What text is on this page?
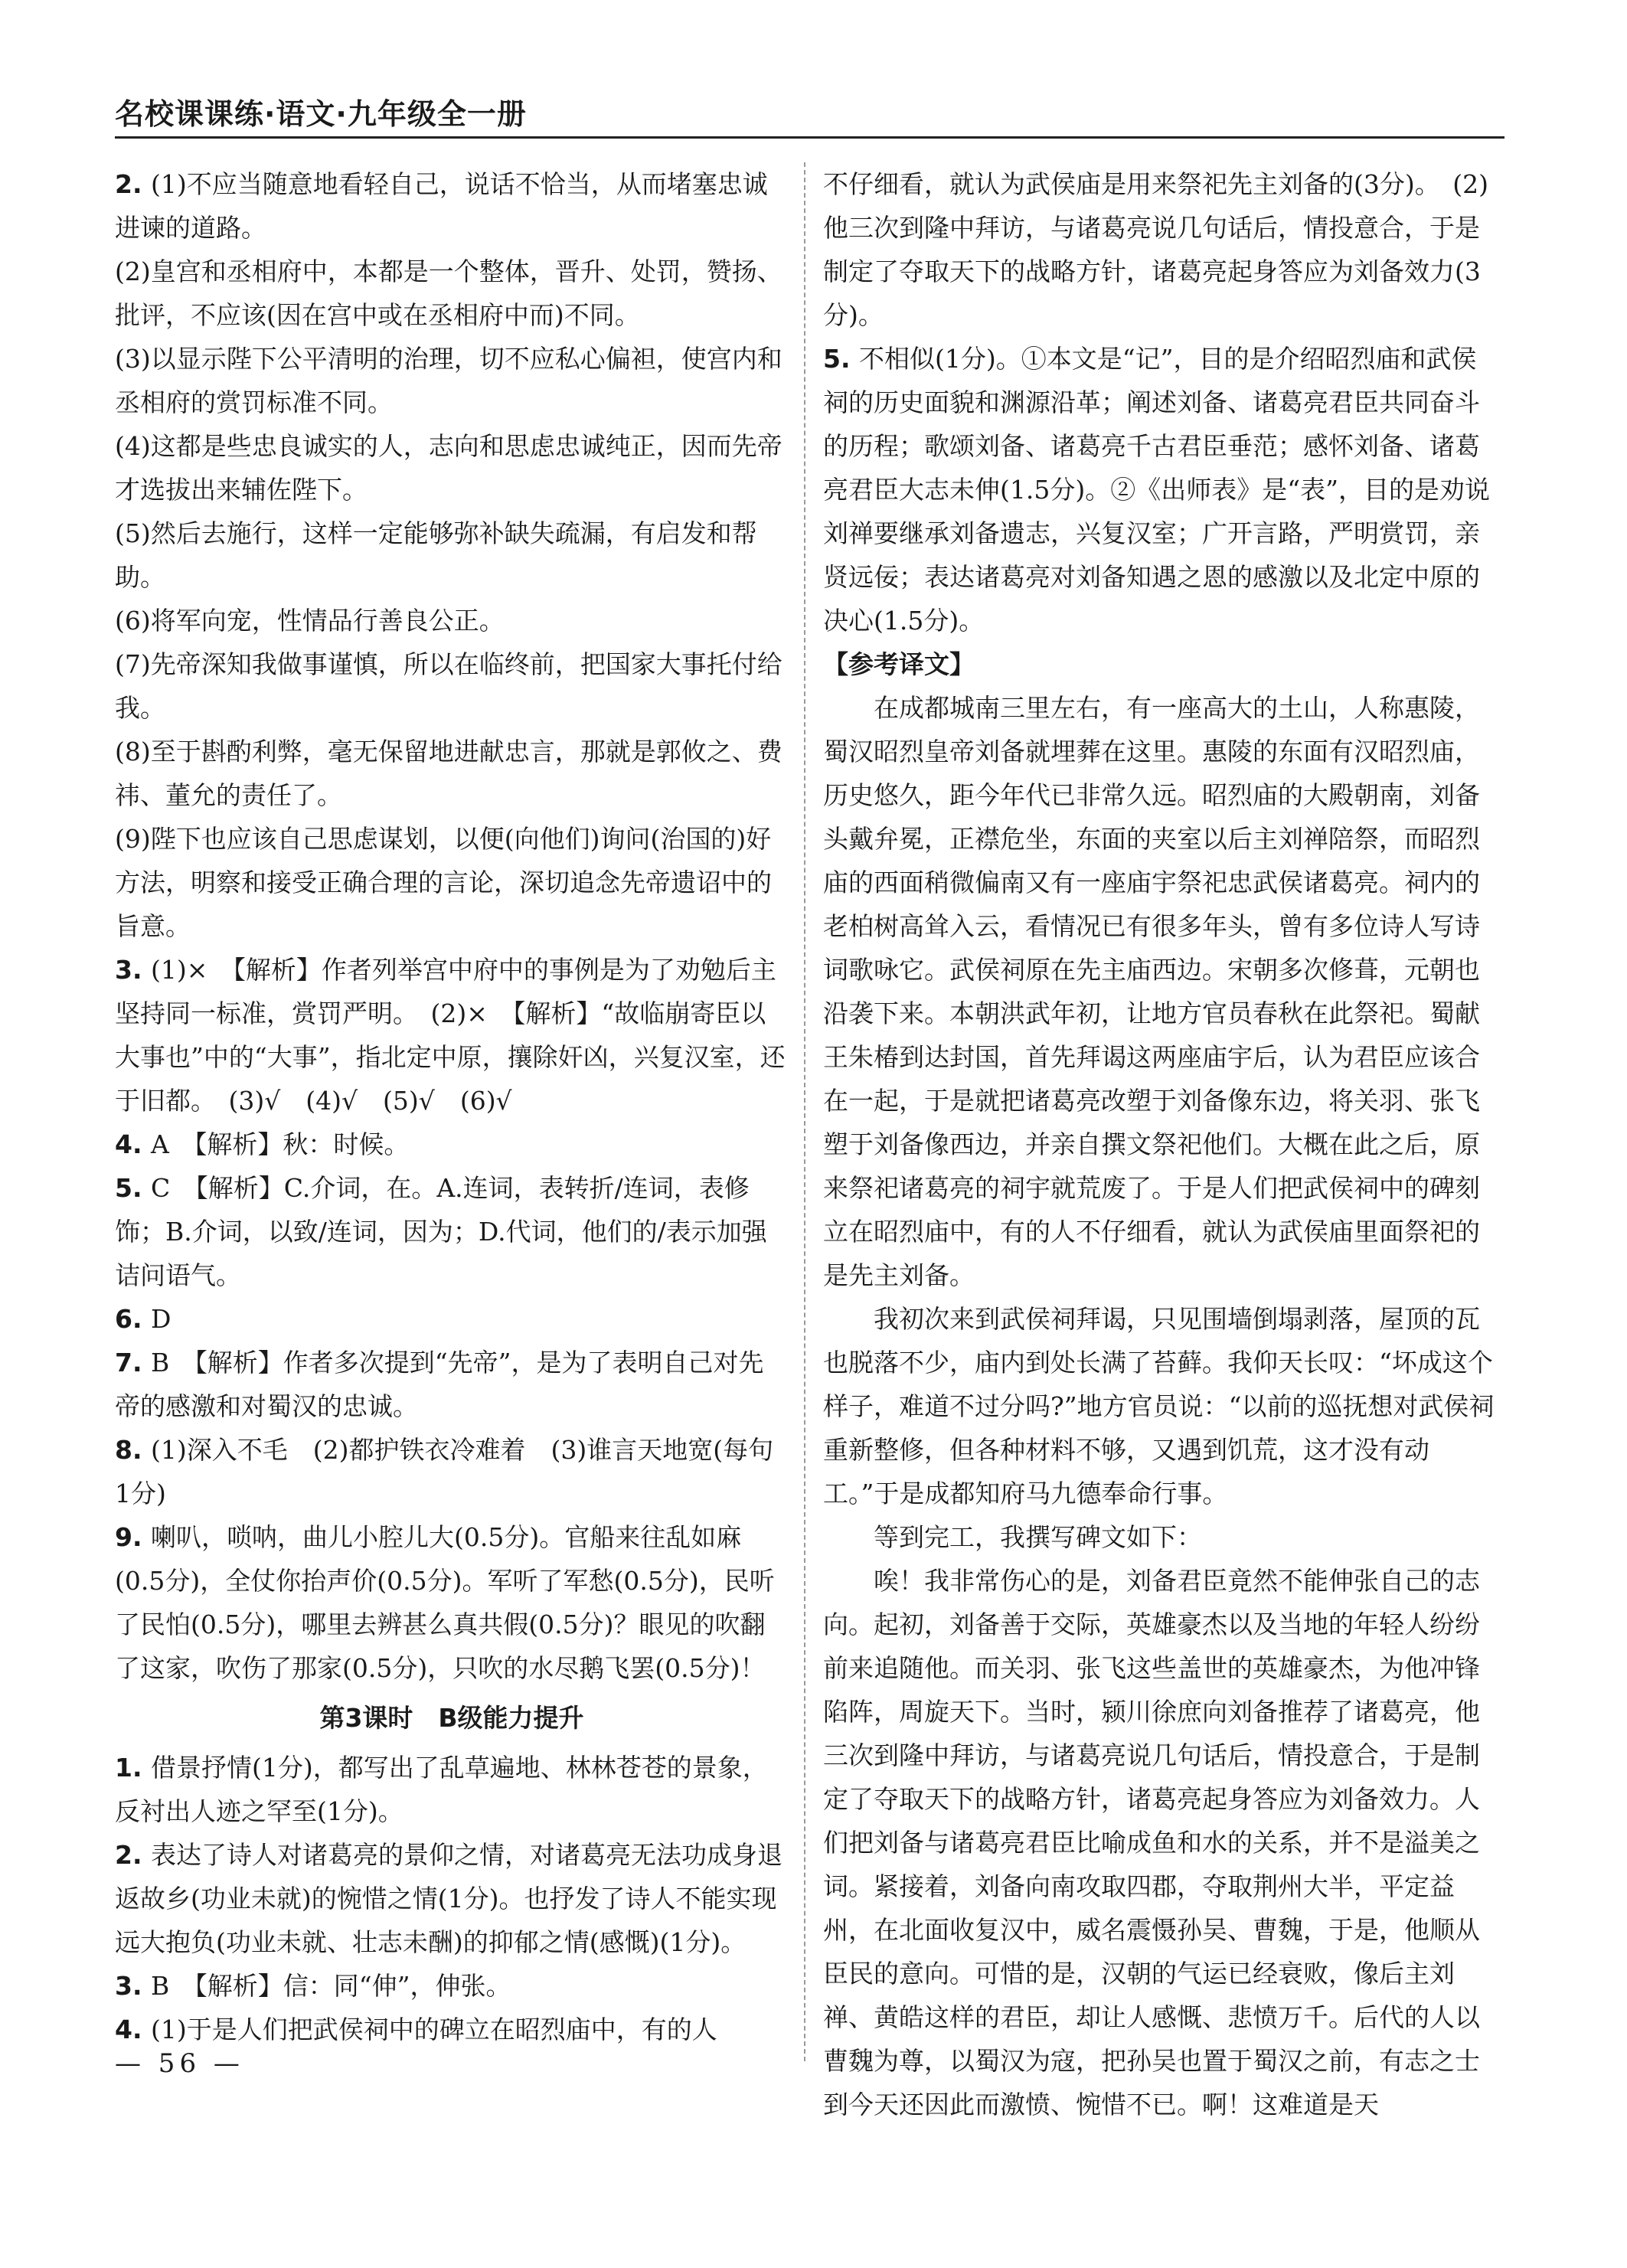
名校课课练·语文·九年级全一册

2. (1)不应当随意地看轻自己，说话不恰当，从而堵塞忠诚进谏的道路。

(2)皇宫和丞相府中，本都是一个整体，晋升、处罚，赞扬、批评，不应该(因在宫中或在丞相府中而)不同。

(3)以显示陛下公平清明的治理，切不应私心偏袒，使宫内和丞相府的赏罚标准不同。

(4)这都是些忠良诚实的人，志向和思虑忠诚纯正，因而先帝才选拔出来辅佐陛下。

(5)然后去施行，这样一定能够弥补缺失疏漏，有启发和帮助。

(6)将军向宠，性情品行善良公正。

(7)先帝深知我做事谨慎，所以在临终前，把国家大事托付给我。

(8)至于斟酌利弊，毫无保留地进献忠言，那就是郭攸之、费祎、董允的责任了。

(9)陛下也应该自己思虑谋划，以便(向他们)询问(治国的)好方法，明察和接受正确合理的言论，深切追念先帝遗诏中的旨意。

3. (1)×　【解析】作者列举宫中府中的事例是为了劝勉后主坚持同一标准，赏罚严明。　(2)×　【解析】“故临崩寄臣以大事也”中的“大事”，指北定中原，攘除奸凶，兴复汉室，还于旧都。　(3)√　(4)√　(5)√　(6)√

4. A　【解析】秋：时候。

5. C　【解析】C.介词，在。A.连词，表转折/连词，表修饰；B.介词，以致/连词，因为；D.代词，他们的/表示加强诘问语气。

6. D

7. B　【解析】作者多次提到“先帝”，是为了表明自己对先帝的感激和对蜀汉的忠诚。

8. (1)深入不毛　(2)都护铁衣冷难着　(3)谁言天地宽(每句1分)

9. 喇叭，唢呐，曲儿小腔儿大(0.5分)。官船来往乱如麻(0.5分)，全仗你抬声价(0.5分)。军听了军愁(0.5分)，民听了民怕(0.5分)，哪里去辨甚么真共假(0.5分)？眼见的吹翻了这家，吹伤了那家(0.5分)，只吹的水尽鹅飞罢(0.5分)！

第3课时　B级能力提升

1. 借景抒情(1分)，都写出了乱草遍地、林林苍苍的景象，反衬出人迹之罕至(1分)。

2. 表达了诗人对诸葛亮的景仰之情，对诸葛亮无法功成身退返故乡(功业未就)的惋惜之情(1分)。也抒发了诗人不能实现远大抱负(功业未就、壮志未酬)的抑郁之情(感慨)(1分)。

3. B　【解析】信：同“伸”，伸张。

4. (1)于是人们把武侯祠中的碑立在昭烈庙中，有的人

不仔细看，就认为武侯庙是用来祭祀先主刘备的(3分)。　(2)他三次到隆中拜访，与诸葛亮说几句话后，情投意合，于是制定了夺取天下的战略方针，诸葛亮起身答应为刘备效力(3分)。

5. 不相似(1分)。①本文是“记”，目的是介绍昭烈庙和武侯祠的历史面貌和渊源沿革；阐述刘备、诸葛亮君臣共同奋斗的历程；歌颂刘备、诸葛亮千古君臣垂范；感怀刘备、诸葛亮君臣大志未伸(1.5分)。②《出师表》是“表”，目的是劝说刘禅要继承刘备遗志，兴复汉室；广开言路，严明赏罚，亲贤远佞；表达诸葛亮对刘备知遇之恩的感激以及北定中原的决心(1.5分)。

【参考译文】

在成都城南三里左右，有一座高大的土山，人称惠陵，蜀汉昭烈皇帝刘备就埋葬在这里。惠陵的东面有汉昭烈庙，历史悠久，距今年代已非常久远。昭烈庙的大殿朝南，刘备头戴弁冕，正襟危坐，东面的夹室以后主刘禅陪祭，而昭烈庙的西面稍微偏南又有一座庙宇祭祀忠武侯诸葛亮。祠内的老柏树高耸入云，看情况已有很多年头，曾有多位诗人写诗词歌咏它。武侯祠原在先主庙西边。宋朝多次修葺，元朝也沿袭下来。本朝洪武年初，让地方官员春秋在此祭祀。蜀献王朱椿到达封国，首先拜谒这两座庙宇后，认为君臣应该合在一起，于是就把诸葛亮改塑于刘备像东边，将关羽、张飞塑于刘备像西边，并亲自撰文祭祀他们。大概在此之后，原来祭祀诸葛亮的祠宇就荒废了。于是人们把武侯祠中的碑刻立在昭烈庙中，有的人不仔细看，就认为武侯庙里面祭祀的是先主刘备。

我初次来到武侯祠拜谒，只见围墙倒塌剥落，屋顶的瓦也脱落不少，庙内到处长满了苔藓。我仰天长叹：“坏成这个样子，难道不过分吗?”地方官员说：“以前的巡抚想对武侯祠重新整修，但各种材料不够，又遇到饥荒，这才没有动工。”于是成都知府马九德奉命行事。

等到完工，我撰写碑文如下：

唉！我非常伤心的是，刘备君臣竟然不能伸张自己的志向。起初，刘备善于交际，英雄豪杰以及当地的年轻人纷纷前来追随他。而关羽、张飞这些盖世的英雄豪杰，为他冲锋陷阵，周旋天下。当时，颍川徐庶向刘备推荐了诸葛亮，他三次到隆中拜访，与诸葛亮说几句话后，情投意合，于是制定了夺取天下的战略方针，诸葛亮起身答应为刘备效力。人们把刘备与诸葛亮君臣比喻成鱼和水的关系，并不是溢美之词。紧接着，刘备向南攻取四郡，夺取荆州大半，平定益州，在北面收复汉中，威名震慑孙吴、曹魏，于是，他顺从臣民的意向。可惜的是，汉朝的气运已经衰败，像后主刘禅、黄皓这样的君臣，却让人感慨、悲愤万千。后代的人以曹魏为尊，以蜀汉为寇，把孙吴也置于蜀汉之前，有志之士到今天还因此而激愤、惋惜不已。啊！这难道是天

— 56 —
